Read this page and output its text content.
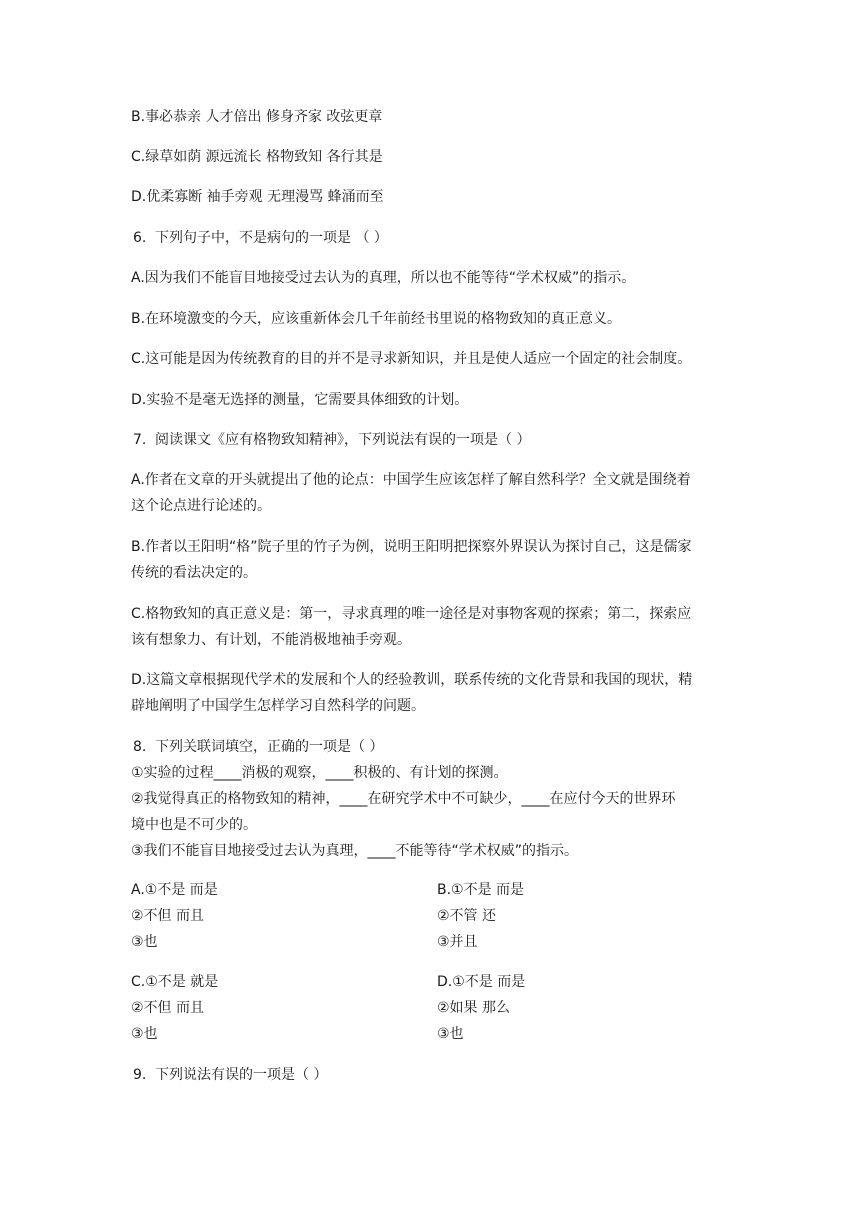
B.事必恭亲 人才倍出 修身齐家 改弦更章
C.绿草如荫 源远流长 格物致知 各行其是
D.优柔寡断 袖手旁观 无理漫骂 蜂涌而至
6. 下列句子中，不是病句的一项是 （ ）
A.因为我们不能盲目地接受过去认为的真理，所以也不能等待“学术权威”的指示。
B.在环境激变的今天，应该重新体会几千年前经书里说的格物致知的真正意义。
C.这可能是因为传统教育的目的并不是寻求新知识，并且是使人适应一个固定的社会制度。
D.实验不是毫无选择的测量，它需要具体细致的计划。
7. 阅读课文《应有格物致知精神》，下列说法有误的一项是（ ）
A.作者在文章的开头就提出了他的论点：中国学生应该怎样了解自然科学？全文就是围绕着
这个论点进行论述的。
B.作者以王阳明“格”院子里的竹子为例，说明王阳明把探察外界误认为探讨自己，这是儒家
传统的看法决定的。
C.格物致知的真正意义是：第一，寻求真理的唯一途径是对事物客观的探索；第二，探索应
该有想象力、有计划，不能消极地袖手旁观。
D.这篇文章根据现代学术的发展和个人的经验教训，联系传统的文化背景和我国的现状，精
辟地阐明了中国学生怎样学习自然科学的问题。
8. 下列关联词填空，正确的一项是（ ）
①实验的过程____消极的观察，____积极的、有计划的探测。
②我觉得真正的格物致知的精神，____在研究学术中不可缺少，____在应付今天的世界环
境中也是不可少的。
③我们不能盲目地接受过去认为真理，____不能等待“学术权威”的指示。
A.①不是 而是
②不但 而且
③也
B.①不是 而是
②不管 还
③并且
C.①不是 就是
②不但 而且
③也
D.①不是 而是
②如果 那么
③也
9. 下列说法有误的一项是（ ）
